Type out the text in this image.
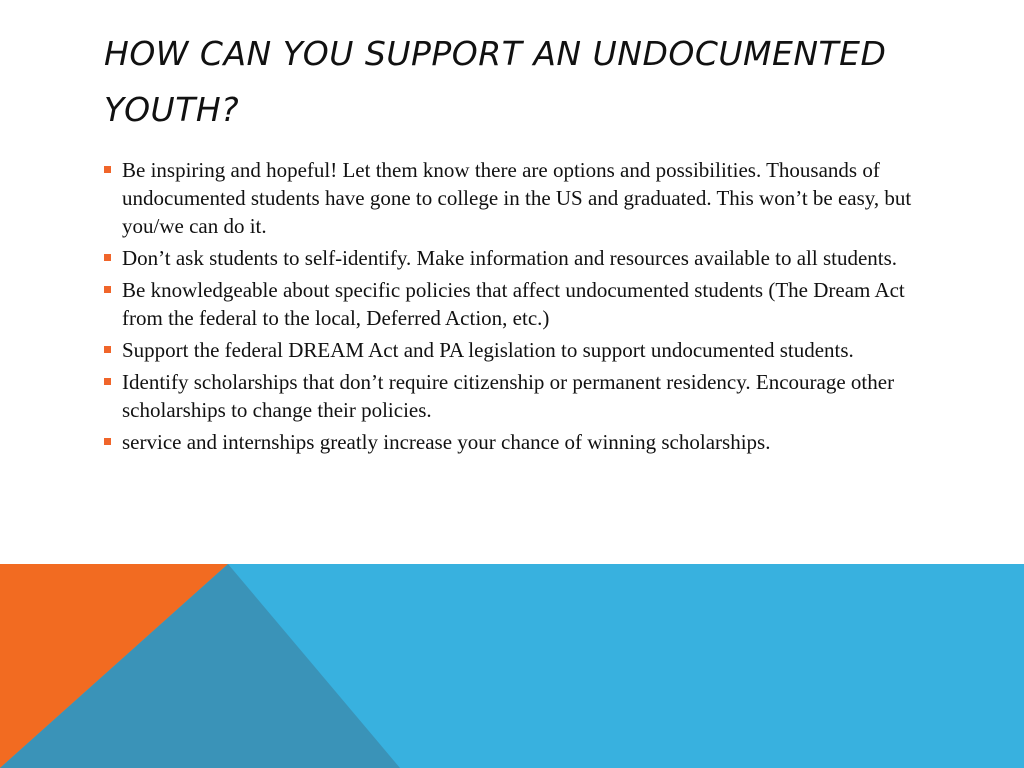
HOW CAN YOU SUPPORT AN UNDOCUMENTED YOUTH?
Be inspiring and hopeful! Let them know there are options and possibilities. Thousands of undocumented students have gone to college in the US and graduated. This won’t be easy, but you/we can do it.
Don’t ask students to self-identify. Make information and resources available to all students.
Be knowledgeable about specific policies that affect undocumented students (The Dream Act from the federal to the local, Deferred Action, etc.)
Support the federal DREAM Act and PA legislation to support undocumented students.
Identify scholarships that don’t require citizenship or permanent residency. Encourage other scholarships to change their policies.
service and internships greatly increase your chance of winning scholarships.
